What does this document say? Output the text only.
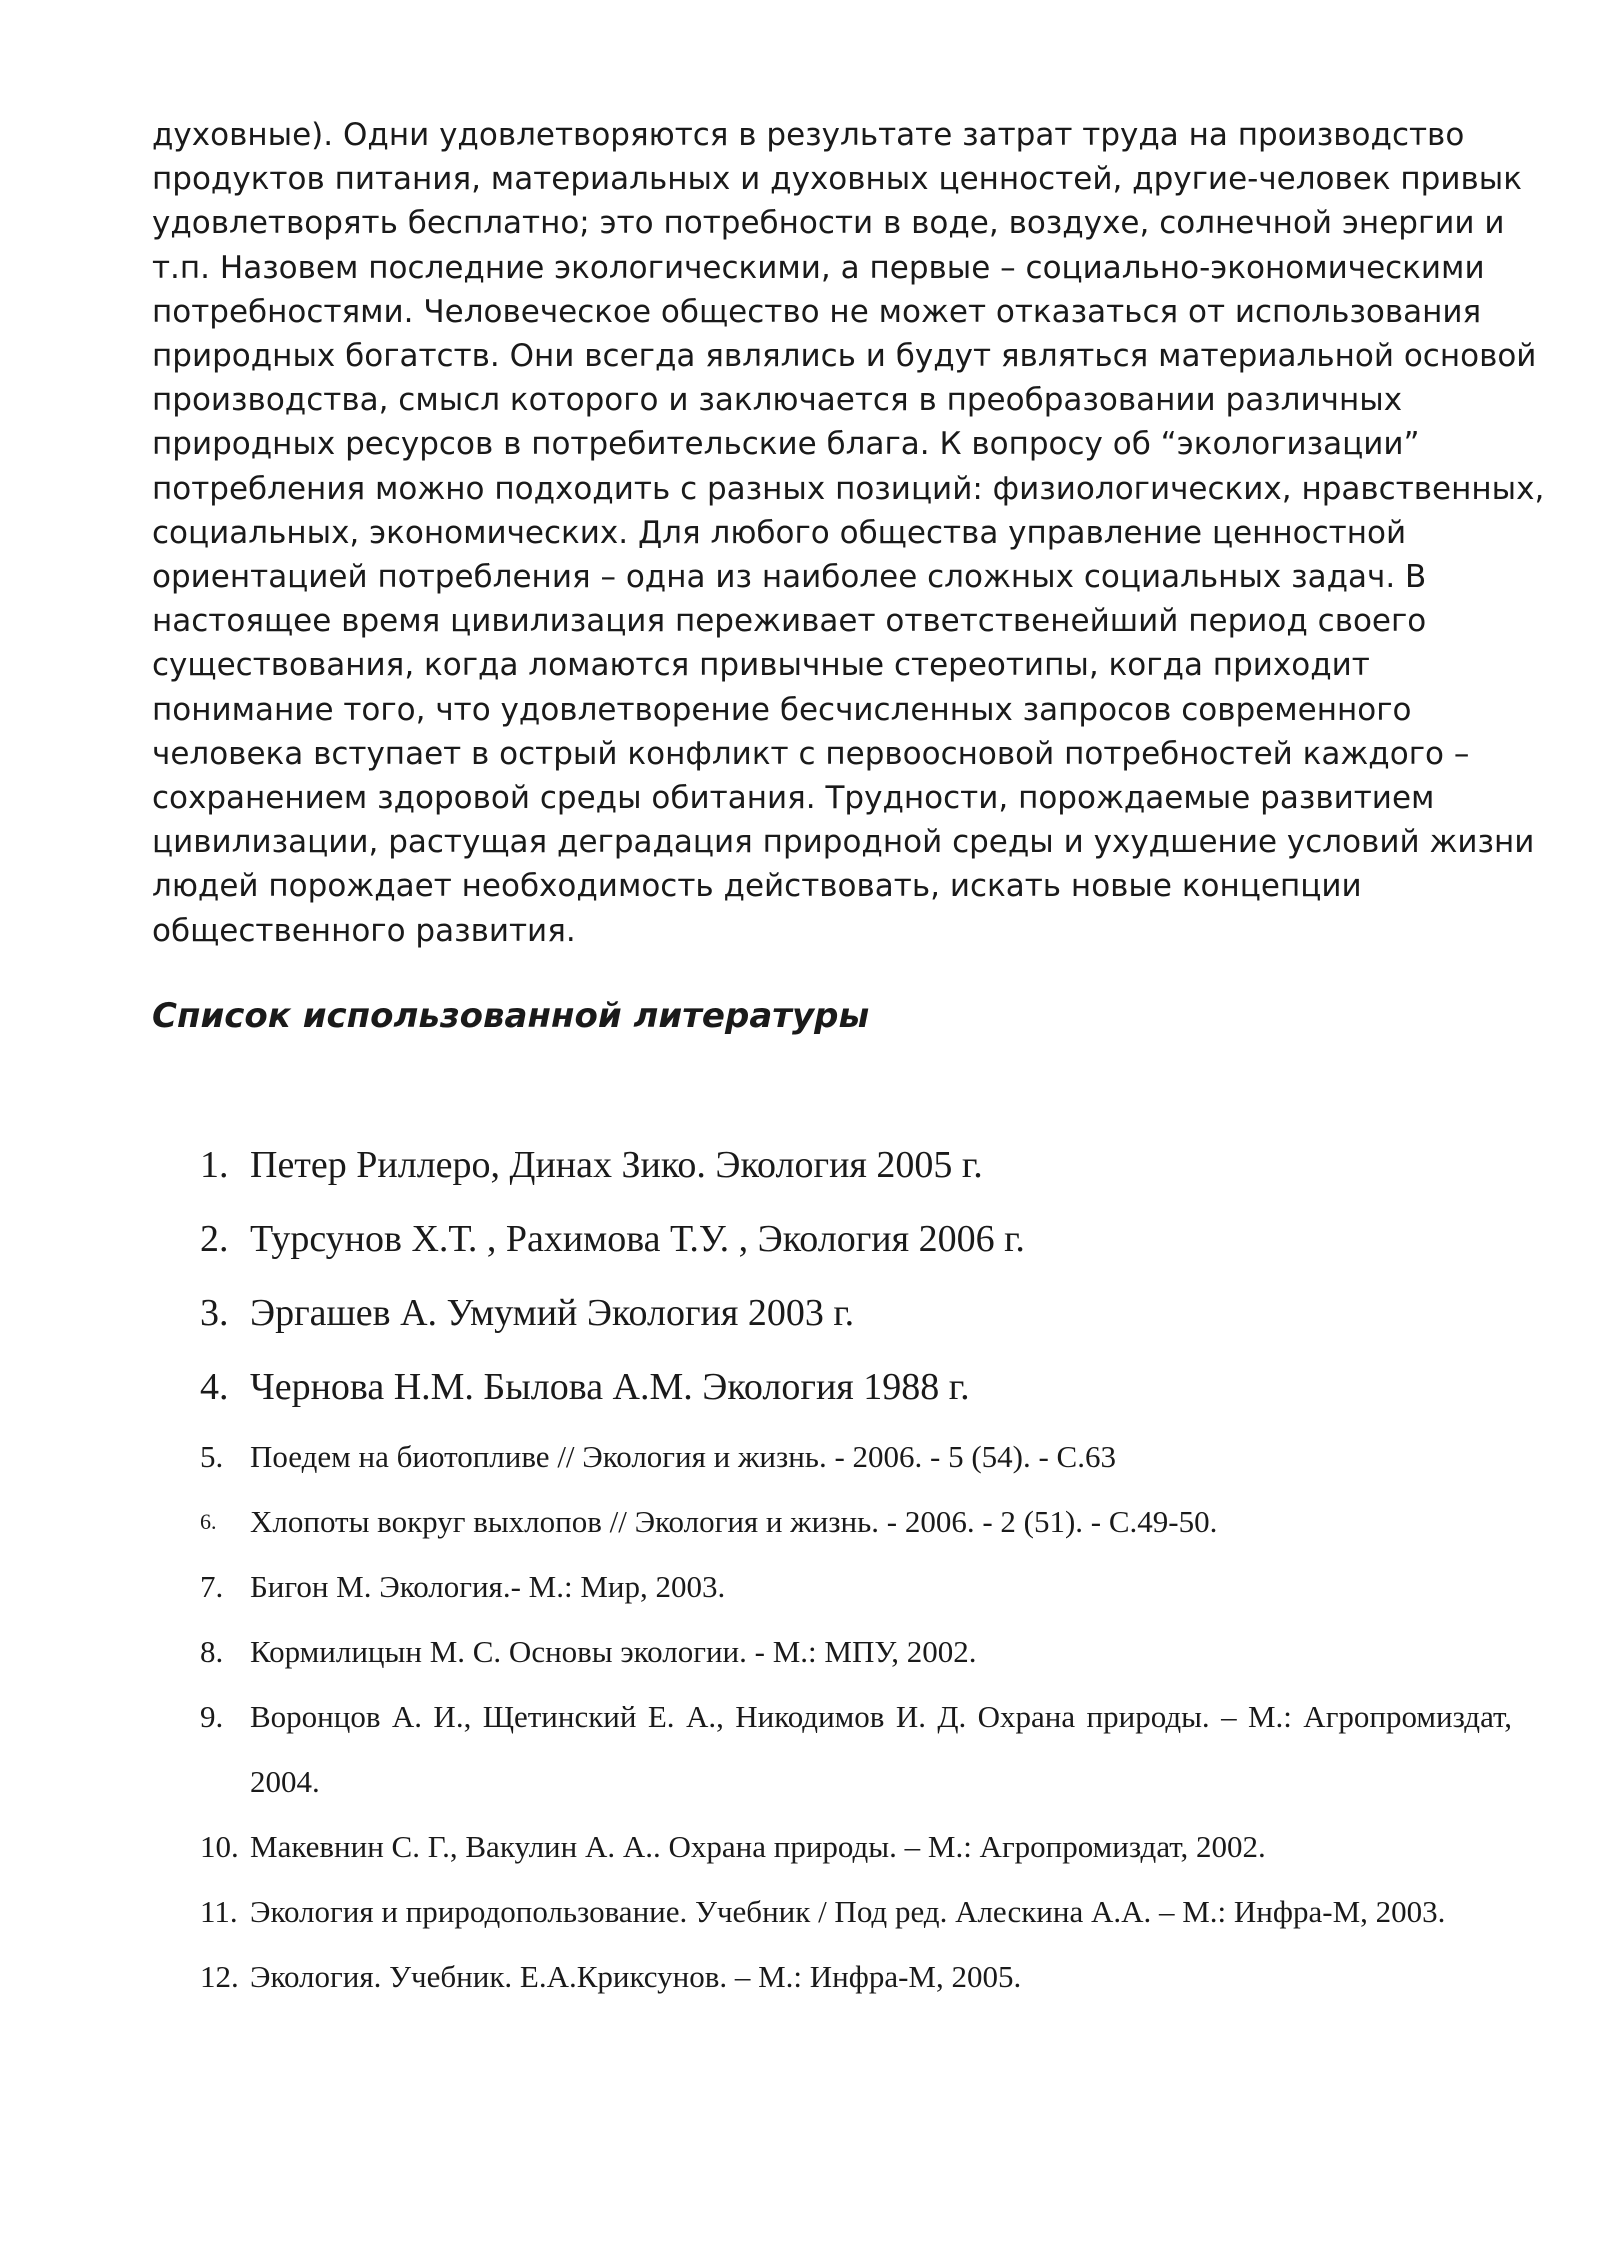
духовные). Одни удовлетворяются в результате затрат труда на производство
продуктов питания, материальных и духовных ценностей, другие-человек привык
удовлетворять бесплатно; это потребности в воде, воздухе, солнечной энергии и
т.п. Назовем последние экологическими, а первые – социально-экономическими
потребностями. Человеческое общество не может отказаться от использования
природных богатств. Они всегда являлись и будут являться материальной основой
производства, смысл которого и заключается в преобразовании различных
природных ресурсов в потребительские блага. К вопросу об “экологизации”
потребления можно подходить с разных позиций: физиологических, нравственных,
социальных, экономических. Для любого общества управление ценностной
ориентацией потребления – одна из наиболее сложных социальных задач. В
настоящее время цивилизация переживает ответственейший период своего
существования, когда ломаются привычные стереотипы, когда приходит
понимание того, что удовлетворение бесчисленных запросов современного
человека вступает в острый конфликт с первоосновой потребностей каждого –
сохранением здоровой среды обитания. Трудности, порождаемые развитием
цивилизации, растущая деградация природной среды и ухудшение условий жизни
людей порождает необходимость действовать, искать новые концепции
общественного развития.

Список использованной литературы
1. Петер Риллеро, Динах Зико. Экология 2005 г.
2. Турсунов Х.Т. , Рахимова Т.У. , Экология 2006 г.
3. Эргашев А. Умумий Экология 2003 г.
4. Чернова Н.М. Былова А.М. Экология 1988 г.
5. Поедем на биотопливе // Экология и жизнь. - 2006. - 5 (54). - С.63
6. Хлопоты вокруг выхлопов // Экология и жизнь. - 2006. - 2 (51). - С.49-50.
7. Бигон М. Экология.- М.: Мир, 2003.
8. Кормилицын М. С. Основы экологии. - М.: МПУ, 2002.
9. Воронцов А. И., Щетинский Е. А., Никодимов И. Д. Охрана природы. – М.: Агропромиздат, 2004.
10. Макевнин С. Г., Вакулин А. А.. Охрана природы. – М.: Агропромиздат, 2002.
11. Экология и природопользование. Учебник / Под ред. Алескина А.А. – М.: Инфра-М, 2003.
12. Экология. Учебник. Е.А.Криксунов. – М.: Инфра-М, 2005.
